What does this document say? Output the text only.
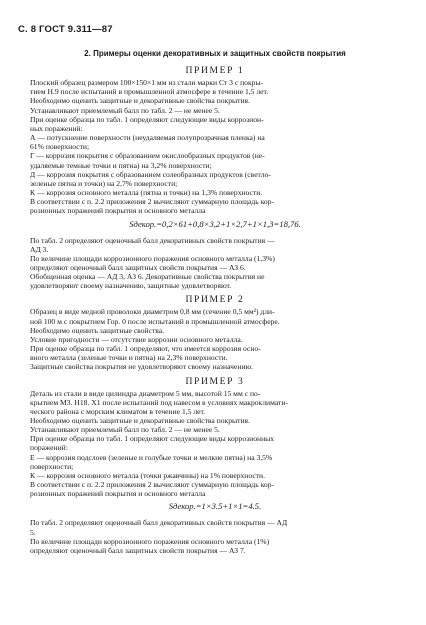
С. 8 ГОСТ 9.311—87
2. Примеры оценки декоративных и защитных свойств покрытия
ПРИМЕР 1
Плоский образец размером 100×150×1 мм из стали марки Ст 3 с покры-
тием Н.9 после испытаний в промышленной атмосфере в течение 1,5 лет.
Необходимо оценить защитные и декоративные свойства покрытия.
Устанавливают приемлемый балл по табл. 2 — не менее 5.
При оценке образца по табл. 1 определяют следующие виды коррозион-
ных поражений:
А — потускнение поверхности (неудаляемая полупрозрачная пленка) на
61% поверхности;
Г — коррозия покрытия с образованием окислообразных продуктов (не-
удаляемые темные точки и пятна) на 3,2% поверхности;
Д — коррозия покрытия с образованием солеобразных продуктов (светло-
зеленые пятна и точки) на 2,7% поверхности;
К — коррозия основного металла (пятна и точки) на 1,3% поверхности.
В соответствии с п. 2.2 приложения 2 вычисляют суммарную площадь кор-
розионных поражений покрытия и основного металла
Sдекор.=0,2×61+0,8×3,2+1×2,7+1×1,3=18,76.
По табл. 2 определяют оценочный балл декоративных свойств покрытия —
АД 3.
По величине площади коррозионного поражения основного металла (1,3%)
определяют оценочный балл защитных свойств покрытия — АЗ 6.
Обобщенная оценка — АД 3, АЗ 6. Декоративные свойства покрытия не
удовлетворяют своему назначению, защитные удовлетворяют.
ПРИМЕР 2
Образец в виде медной проволоки диаметром 0,8 мм (сечение 0,5 мм²) дли-
ной 100 м с покрытием Гор. 0 после испытаний в промышленной атмосфере.
Необходимо оценить защитные свойства.
Условие пригодности — отсутствие коррозии основного металла.
При оценке образца по табл. 1 определяют, что имеется коррозия осно-
вного металла (зеленые точки и пятна) на 2,3% поверхности.
Защитные свойства покрытия не удовлетворяют своему назначению.
ПРИМЕР 3
Деталь из стали в виде цилиндра диаметром 5 мм, высотой 15 мм с по-
крытием М3. Н18. Х1 после испытаний под навесом в условиях макроклимати-
ческого района с морским климатом в течение 1,5 лет.
Необходимо оценить защитные и декоративные свойства покрытия.
Устанавливают приемлемый балл по табл. 2 — не менее 5.
При оценке образца по табл. 1 определяют следующие виды коррозионных
поражений:
Е — коррозия подслоев (зеленые и голубые точки и мелкие пятна) на 3,5%
поверхности;
К — коррозия основного металла (точки ржавчины) на 1% поверхности.
В соответствии с п. 2.2 приложения 2 вычисляют суммарную площадь кор-
розионных поражений покрытия и основного металла
Sдекор.=1×3.5+1×1=4.5.
По табл. 2 определяют оценочный балл декоративных свойств покрытия — АД
5.
По величине площади коррозионного поражения основного металла (1%)
определяют оценочный балл защитных свойств покрытия — АЗ 7.
